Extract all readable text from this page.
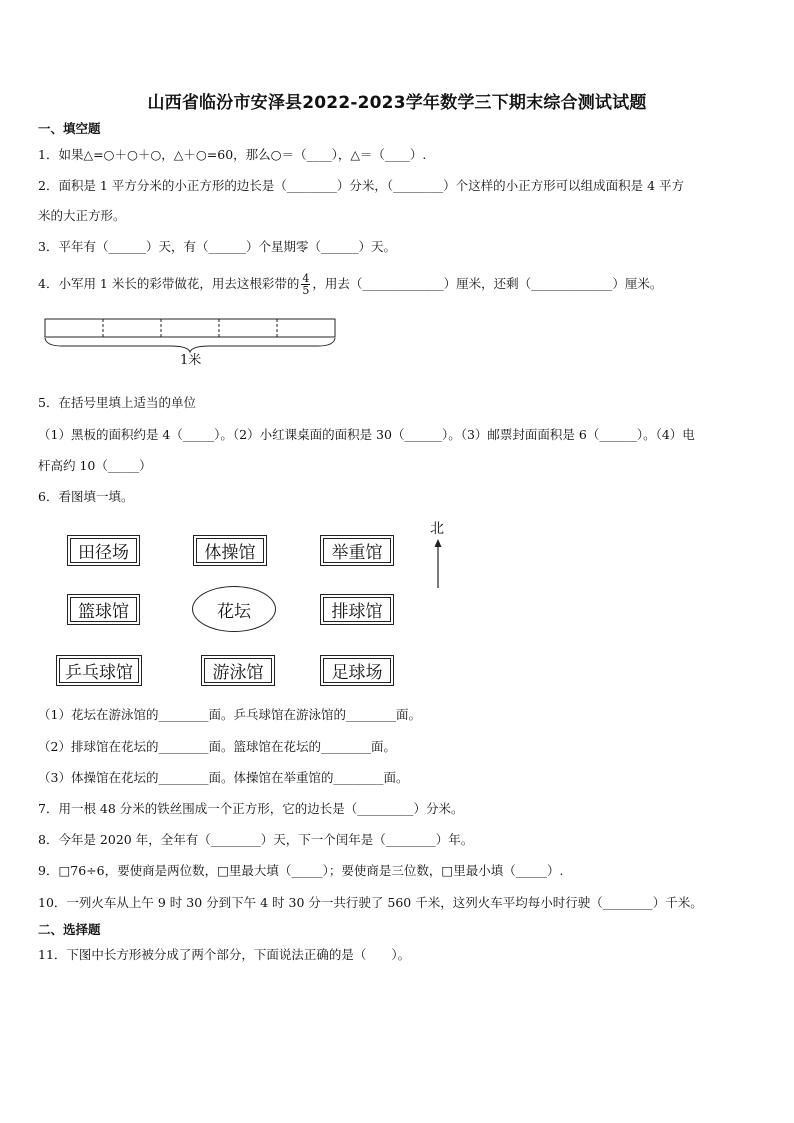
山西省临汾市安泽县2022-2023学年数学三下期末综合测试试题
一、填空题
1．如果△=○＋○＋○，△＋○=60，那么○＝（____），△＝（____）.
2．面积是 1 平方分米的小正方形的边长是（________）分米，（________）个这样的小正方形可以组成面积是 4 平方
米的大正方形。
3．平年有（______）天，有（______）个星期零（______）天。
4．小军用 1 米长的彩带做花，用去这根彩带的 $\frac{4}{5}$ ，用去（_____________）厘米，还剩（_____________）厘米。
1米
5．在括号里填上适当的单位
（1）黑板的面积约是 4（_____）。（2）小红课桌面的面积是 30（______）。（3）邮票封面面积是 6（______）。（4）电
杆高约 10（_____）
6．看图填一填。
田径场	体操馆	举重馆
北
篮球馆	花坛	排球馆
乒乓球馆	游泳馆	足球场
（1）花坛在游泳馆的________面。乒乓球馆在游泳馆的________面。
（2）排球馆在花坛的________面。篮球馆在花坛的________面。
（3）体操馆在花坛的________面。体操馆在举重馆的________面。
7．用一根 48 分米的铁丝围成一个正方形，它的边长是（_________）分米。
8．今年是 2020 年，全年有（________）天，下一个闰年是（________）年。
9．□76÷6，要使商是两位数，□里最大填（_____）；要使商是三位数，□里最小填（_____）.
10．一列火车从上午 9 时 30 分到下午 4 时 30 分一共行驶了 560 千米，这列火车平均每小时行驶（________）千米。
二、选择题
11．下图中长方形被分成了两个部分，下面说法正确的是（　　）。
